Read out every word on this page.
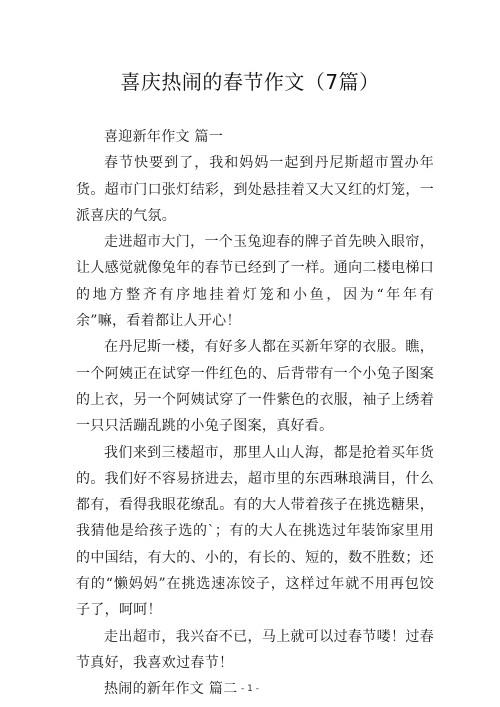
喜庆热闹的春节作文（7篇）

喜迎新年作文 篇一

春节快要到了，我和妈妈一起到丹尼斯超市置办年货。超市门口张灯结彩，到处悬挂着又大又红的灯笼，一派喜庆的气氛。

走进超市大门，一个玉兔迎春的牌子首先映入眼帘，让人感觉就像兔年的春节已经到了一样。通向二楼电梯口的地方整齐有序地挂着灯笼和小鱼，因为“年年有余”嘛，看着都让人开心！

在丹尼斯一楼，有好多人都在买新年穿的衣服。瞧，一个阿姨正在试穿一件红色的、后背带有一个小兔子图案的上衣，另一个阿姨试穿了一件紫色的衣服，袖子上绣着一只只活蹦乱跳的小兔子图案，真好看。

我们来到三楼超市，那里人山人海，都是抢着买年货的。我们好不容易挤进去，超市里的东西琳琅满目，什么都有，看得我眼花缭乱。有的大人带着孩子在挑选糖果，我猜他是给孩子选的`；有的大人在挑选过年装饰家里用的中国结，有大的、小的，有长的、短的，数不胜数；还有的“懒妈妈”在挑选速冻饺子，这样过年就不用再包饺子了，呵呵！

走出超市，我兴奋不已，马上就可以过春节喽！过春节真好，我喜欢过春节！

热闹的新年作文 篇二 - 1 -
